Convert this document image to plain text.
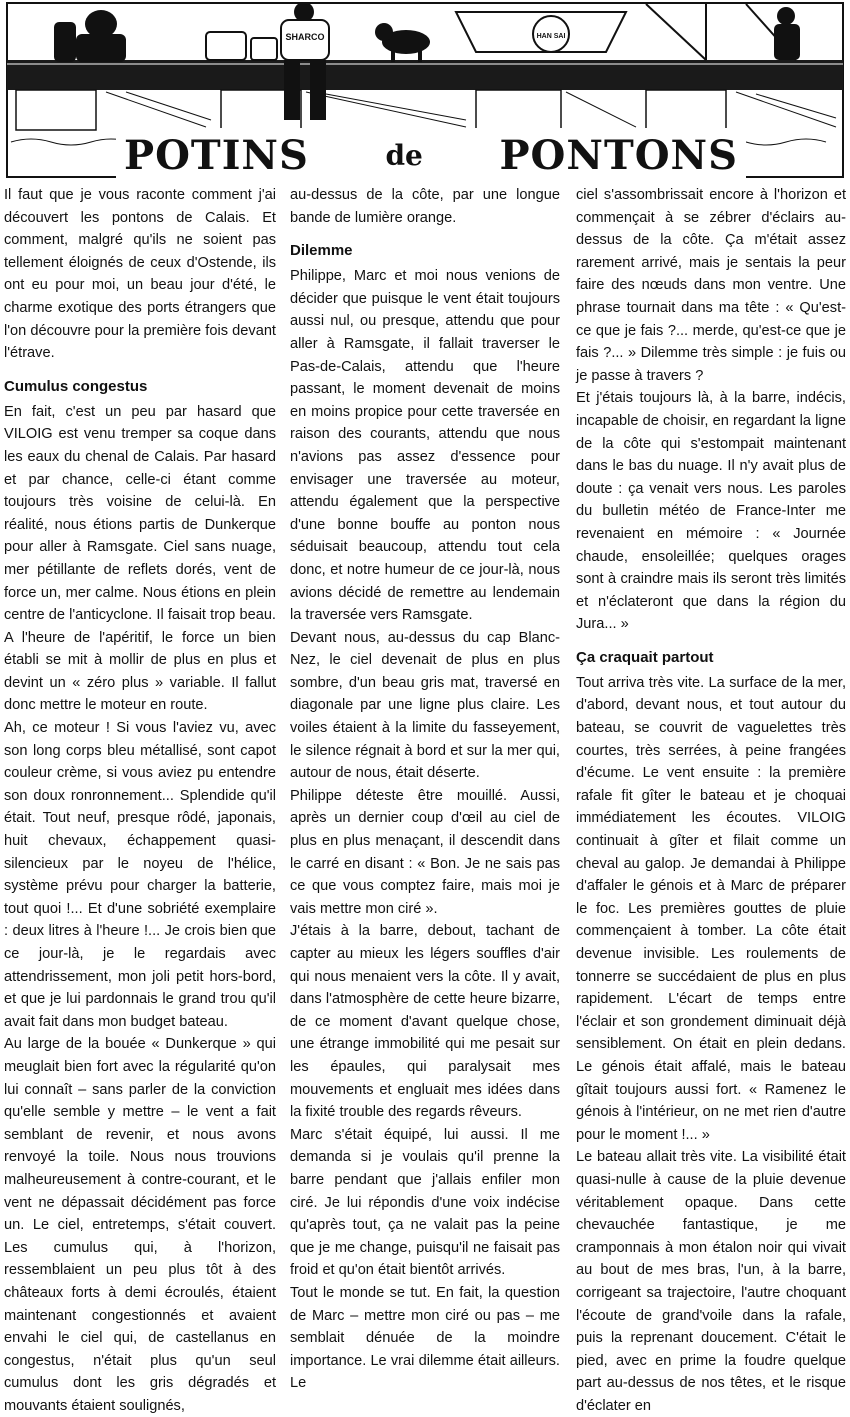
SHARCO	HAN SAI
POTINS	de PONTONS

Il faut que je vous raconte comment j'ai découvert les pontons de Calais. Et comment, malgré qu'ils ne soient pas tellement éloignés de ceux d'Ostende, ils ont eu pour moi, un beau jour d'été, le charme exotique des ports étrangers que l'on découvre pour la première fois devant l'étrave.

Cumulus congestus

En fait, c'est un peu par hasard que VILOIG est venu tremper sa coque dans les eaux du chenal de Calais. Par hasard et par chance, celle-ci étant comme toujours très voisine de celui-là. En réalité, nous étions partis de Dunkerque pour aller à Ramsgate. Ciel sans nuage, mer pétillante de reflets dorés, vent de force un, mer calme. Nous étions en plein centre de l'anticyclone. Il faisait trop beau. A l'heure de l'apéritif, le force un bien établi se mit à mollir de plus en plus et devint un « zéro plus » variable. Il fallut donc mettre le moteur en route.

Ah, ce moteur ! Si vous l'aviez vu, avec son long corps bleu métallisé, sont capot couleur crème, si vous aviez pu entendre son doux ronronnement... Splendide qu'il était. Tout neuf, presque rôdé, japonais, huit chevaux, échappement quasi-silencieux par le noyeu de l'hélice, système prévu pour charger la batterie, tout quoi !... Et d'une sobriété exemplaire : deux litres à l'heure !... Je crois bien que ce jour-là, je le regardais avec attendrissement, mon joli petit hors-bord, et que je lui pardonnais le grand trou qu'il avait fait dans mon budget bateau.

Au large de la bouée « Dunkerque » qui meuglait bien fort avec la régularité qu'on lui connaît – sans parler de la conviction qu'elle semble y mettre – le vent a fait semblant de revenir, et nous avons renvoyé la toile. Nous nous trouvions malheureusement à contre-courant, et le vent ne dépassait décidément pas force un. Le ciel, entretemps, s'était couvert. Les cumulus qui, à l'horizon, ressemblaient un peu plus tôt à des châteaux forts à demi écroulés, étaient maintenant congestionnés et avaient envahi le ciel qui, de castellanus en congestus, n'était plus qu'un seul cumulus dont les gris dégradés et mouvants étaient soulignés,

au-dessus de la côte, par une longue bande de lumière orange.

Dilemme

Philippe, Marc et moi nous venions de décider que puisque le vent était toujours aussi nul, ou presque, attendu que pour aller à Ramsgate, il fallait traverser le Pas-de-Calais, attendu que l'heure passant, le moment devenait de moins en moins propice pour cette traversée en raison des courants, attendu que nous n'avions pas assez d'essence pour envisager une traversée au moteur, attendu également que la perspective d'une bonne bouffe au ponton nous séduisait beaucoup, attendu tout cela donc, et notre humeur de ce jour-là, nous avions décidé de remettre au lendemain la traversée vers Ramsgate.

Devant nous, au-dessus du cap Blanc-Nez, le ciel devenait de plus en plus sombre, d'un beau gris mat, traversé en diagonale par une ligne plus claire. Les voiles étaient à la limite du fasseyement, le silence régnait à bord et sur la mer qui, autour de nous, était déserte.

Philippe déteste être mouillé. Aussi, après un dernier coup d'œil au ciel de plus en plus menaçant, il descendit dans le carré en disant : « Bon. Je ne sais pas ce que vous comptez faire, mais moi je vais mettre mon ciré ».

J'étais à la barre, debout, tachant de capter au mieux les légers souffles d'air qui nous menaient vers la côte. Il y avait, dans l'atmosphère de cette heure bizarre, de ce moment d'avant quelque chose, une étrange immobilité qui me pesait sur les épaules, qui paralysait mes mouvements et engluait mes idées dans la fixité trouble des regards rêveurs.

Marc s'était équipé, lui aussi. Il me demanda si je voulais qu'il prenne la barre pendant que j'allais enfiler mon ciré. Je lui répondis d'une voix indécise qu'après tout, ça ne valait pas la peine que je me change, puisqu'il ne faisait pas froid et qu'on était bientôt arrivés.

Tout le monde se tut. En fait, la question de Marc – mettre mon ciré ou pas – me semblait dénuée de la moindre importance. Le vrai dilemme était ailleurs. Le

ciel s'assombrissait encore à l'horizon et commençait à se zébrer d'éclairs au-dessus de la côte. Ça m'était assez rarement arrivé, mais je sentais la peur faire des nœuds dans mon ventre. Une phrase tournait dans ma tête : « Qu'est-ce que je fais ?... merde, qu'est-ce que je fais ?... » Dilemme très simple : je fuis ou je passe à travers ?

Et j'étais toujours là, à la barre, indécis, incapable de choisir, en regardant la ligne de la côte qui s'estompait maintenant dans le bas du nuage. Il n'y avait plus de doute : ça venait vers nous. Les paroles du bulletin météo de France-Inter me revenaient en mémoire : « Journée chaude, ensoleillée; quelques orages sont à craindre mais ils seront très limités et n'éclateront que dans la région du Jura... »

Ça craquait partout

Tout arriva très vite. La surface de la mer, d'abord, devant nous, et tout autour du bateau, se couvrit de vaguelettes très courtes, très serrées, à peine frangées d'écume. Le vent ensuite : la première rafale fit gîter le bateau et je choquai immédiatement les écoutes. VILOIG continuait à gîter et filait comme un cheval au galop. Je demandai à Philippe d'affaler le génois et à Marc de préparer le foc. Les premières gouttes de pluie commençaient à tomber. La côte était devenue invisible. Les roulements de tonnerre se succédaient de plus en plus rapidement. L'écart de temps entre l'éclair et son grondement diminuait déjà sensiblement. On était en plein dedans. Le génois était affalé, mais le bateau gîtait toujours aussi fort. « Ramenez le génois à l'intérieur, on ne met rien d'autre pour le moment !... »

Le bateau allait très vite. La visibilité était quasi-nulle à cause de la pluie devenue véritablement opaque. Dans cette chevauchée fantastique, je me cramponnais à mon étalon noir qui vivait au bout de mes bras, l'un, à la barre, corrigeant sa trajectoire, l'autre choquant l'écoute de grand'voile dans la rafale, puis la reprenant doucement. C'était le pied, avec en prime la foudre quelque part au-dessus de nos têtes, et le risque d'éclater en
